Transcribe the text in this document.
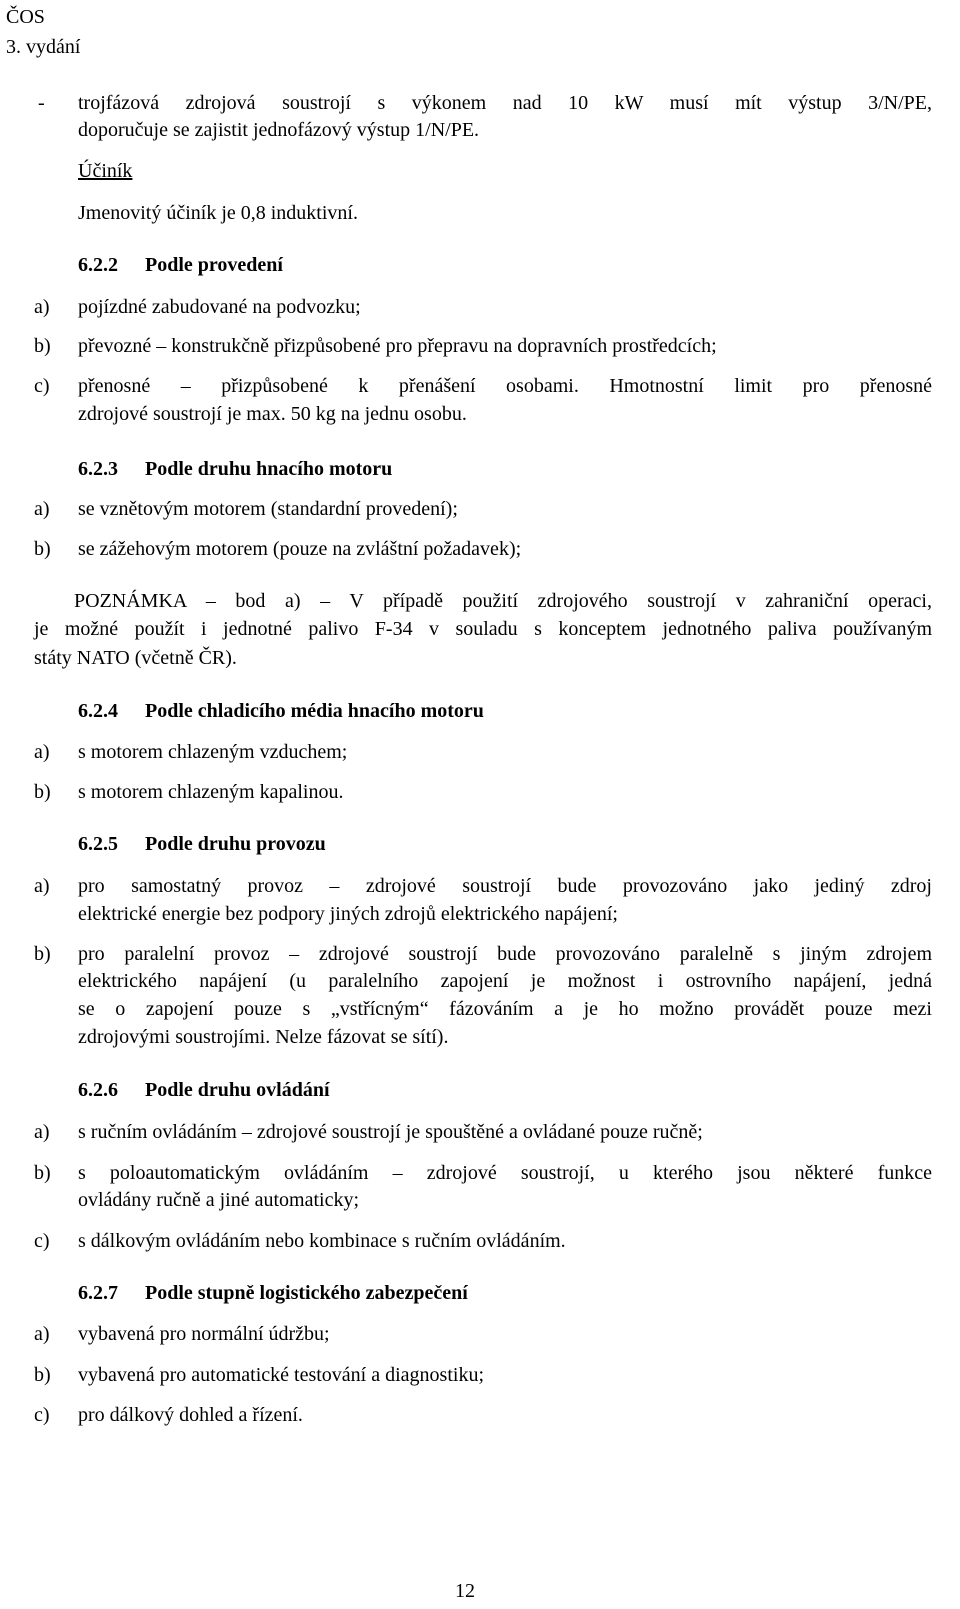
ČOS
3. vydání
- trojfázová zdrojová soustrojí s výkonem nad 10 kW musí mít výstup 3/N/PE,
doporučuje se zajistit jednofázový výstup 1/N/PE.
Účiník
Jmenovitý účiník je 0,8 induktivní.
6.2.2 Podle provedení
a) pojízdné zabudované na podvozku;
b) převozné – konstrukčně přizpůsobené pro přepravu na dopravních prostředcích;
c) přenosné – přizpůsobené k přenášení osobami. Hmotnostní limit pro přenosné
zdrojové soustrojí je max. 50 kg na jednu osobu.
6.2.3 Podle druhu hnacího motoru
a) se vznětovým motorem (standardní provedení);
b) se zážehovým motorem (pouze na zvláštní požadavek);
POZNÁMKA – bod a) – V případě použití zdrojového soustrojí v zahraniční operaci,
je možné použít i jednotné palivo F-34 v souladu s konceptem jednotného paliva používaným
státy NATO (včetně ČR).
6.2.4 Podle chladicího média hnacího motoru
a) s motorem chlazeným vzduchem;
b) s motorem chlazeným kapalinou.
6.2.5 Podle druhu provozu
a) pro samostatný provoz – zdrojové soustrojí bude provozováno jako jediný zdroj
elektrické energie bez podpory jiných zdrojů elektrického napájení;
b) pro paralelní provoz – zdrojové soustrojí bude provozováno paralelně s jiným zdrojem
elektrického napájení (u paralelního zapojení je možnost i ostrovního napájení, jedná
se o zapojení pouze s „vstřícným“ fázováním a je ho možno provádět pouze mezi
zdrojovými soustrojími. Nelze fázovat se sítí).
6.2.6 Podle druhu ovládání
a) s ručním ovládáním – zdrojové soustrojí je spouštěné a ovládané pouze ručně;
b) s poloautomatickým ovládáním – zdrojové soustrojí, u kterého jsou některé funkce
ovládány ručně a jiné automaticky;
c) s dálkovým ovládáním nebo kombinace s ručním ovládáním.
6.2.7 Podle stupně logistického zabezpečení
a) vybavená pro normální údržbu;
b) vybavená pro automatické testování a diagnostiku;
c) pro dálkový dohled a řízení.
12
